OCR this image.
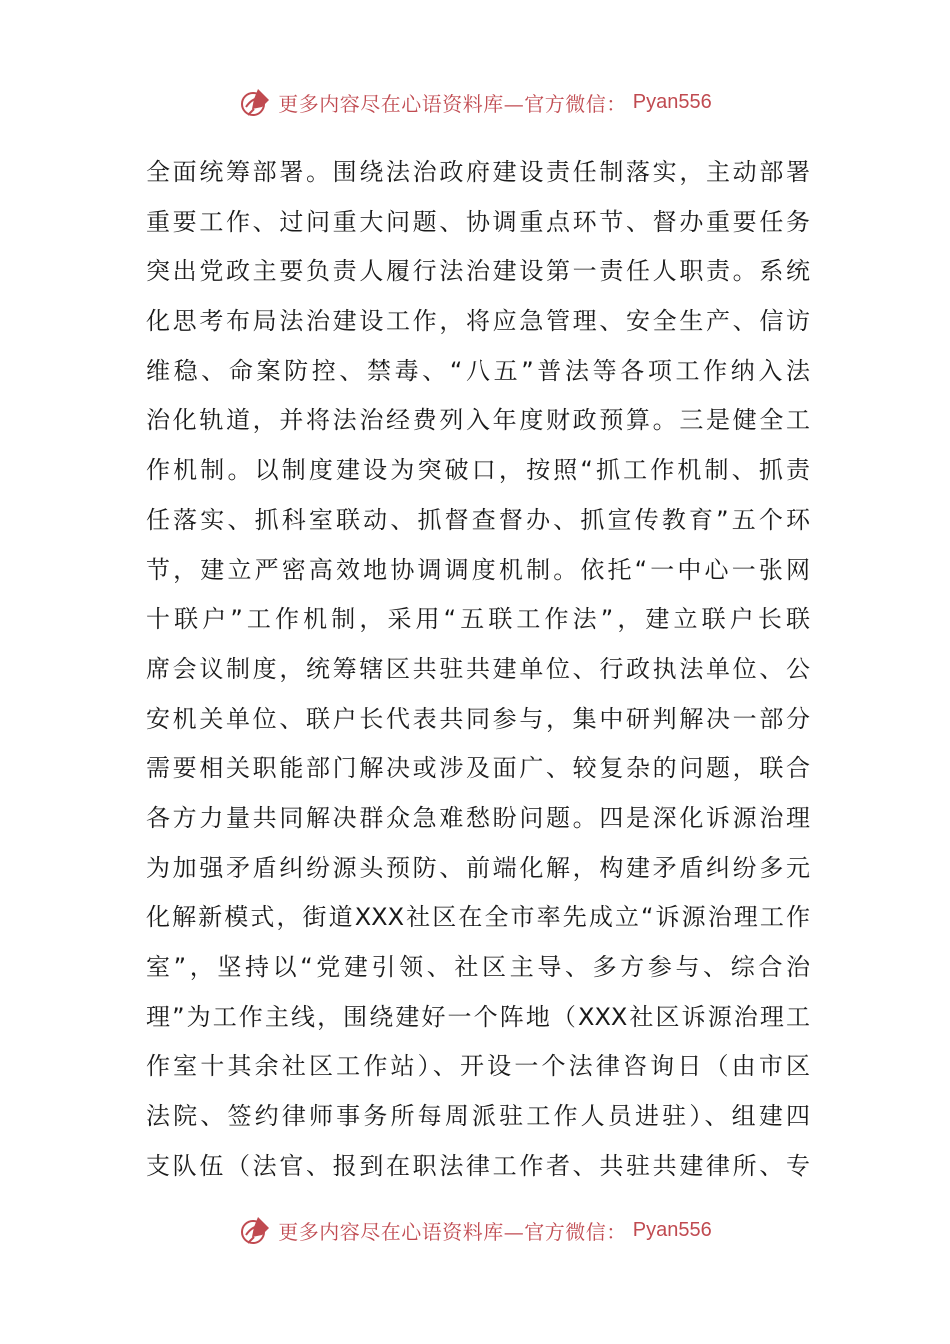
更多内容尽在心语资料库—官方微信： Pyan556
全面统筹部署。围绕法治政府建设责任制落实，主动部署
重要工作、过问重大问题、协调重点环节、督办重要任务
突出党政主要负责人履行法治建设第一责任人职责。系统
化思考布局法治建设工作，将应急管理、安全生产、信访
维稳、命案防控、禁毒、“八五”普法等各项工作纳入法
治化轨道，并将法治经费列入年度财政预算。三是健全工
作机制。以制度建设为突破口，按照“抓工作机制、抓责
任落实、抓科室联动、抓督查督办、抓宣传教育”五个环
节，建立严密高效地协调调度机制。依托“一中心一张网
十联户”工作机制，采用“五联工作法”，建立联户长联
席会议制度，统筹辖区共驻共建单位、行政执法单位、公
安机关单位、联户长代表共同参与，集中研判解决一部分
需要相关职能部门解决或涉及面广、较复杂的问题，联合
各方力量共同解决群众急难愁盼问题。四是深化诉源治理
为加强矛盾纠纷源头预防、前端化解，构建矛盾纠纷多元
化解新模式，街道XXX社区在全市率先成立“诉源治理工作
室”，坚持以“党建引领、社区主导、多方参与、综合治
理”为工作主线，围绕建好一个阵地（XXX社区诉源治理工
作室十其余社区工作站）、开设一个法律咨询日（由市区
法院、签约律师事务所每周派驻工作人员进驻）、组建四
支队伍（法官、报到在职法律工作者、共驻共建律所、专
更多内容尽在心语资料库—官方微信： Pyan556
